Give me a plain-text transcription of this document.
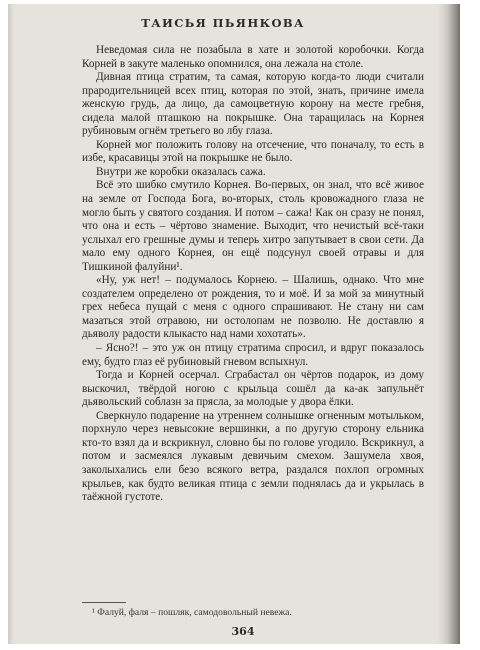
ТАИСЬЯ ПЬЯНКОВА

Неведомая сила не позабыла в хате и золотой коробочки. Когда Корней в закуте маленько опомнился, она лежала на столе.

Дивная птица стратим, та самая, которую когда-то люди считали прародительницей всех птиц, которая по этой, знать, причине имела женскую грудь, да лицо, да самоцветную корону на месте гребня, сидела малой пташкою на покрышке. Она таращилась на Корнея рубиновым огнём третьего во лбу глаза.

Корней мог положить голову на отсечение, что поначалу, то есть в избе, красавицы этой на покрышке не было.

Внутри же коробки оказалась сажа.

Всё это шибко смутило Корнея. Во-первых, он знал, что всё живое на земле от Господа Бога, во-вторых, столь кровожадного глаза не могло быть у святого создания. И потом – сажа! Как он сразу не понял, что она и есть – чёртово знамение. Выходит, что нечистый всё-таки услыхал его грешные думы и теперь хитро запутывает в свои сети. Да мало ему одного Корнея, он ещё подсунул своей отравы и для Тишкиной фалуйни¹.

«Ну, уж нет! – подумалось Корнею. – Шалишь, однако. Что мне создателем определено от рождения, то и моё. И за мой за минутный грех небеса пущай с меня с одного спрашивают. Не стану ни сам мазаться этой отравою, ни остолопам не позволю. Не доставлю я дьяволу радости клыкасто над нами хохотать».

– Ясно?! – это уж он птицу стратима спросил, и вдруг показалось ему, будто глаз её рубиновый гневом вспыхнул.

Тогда и Корней осерчал. Сграбастал он чёртов подарок, из дому выскочил, твёрдой ногою с крыльца сошёл да ка-ак запульнёт дьявольский соблазн за прясла, за молодые у двора ёлки.

Сверкнуло подарение на утреннем солнышке огненным мотыльком, порхнуло через невысокие вершинки, а по другую сторону ельника кто-то взял да и вскрикнул, словно бы по голове угодило. Вскрикнул, а потом и засмеялся лукавым девичьим смехом. Зашумела хвоя, заколыхались ели безо всякого ветра, раздался похлоп огромных крыльев, как будто великая птица с земли поднялась да и укрылась в таёжной густоте.

¹ Фалуй, фаля – пошляк, самодовольный невежа.
364
